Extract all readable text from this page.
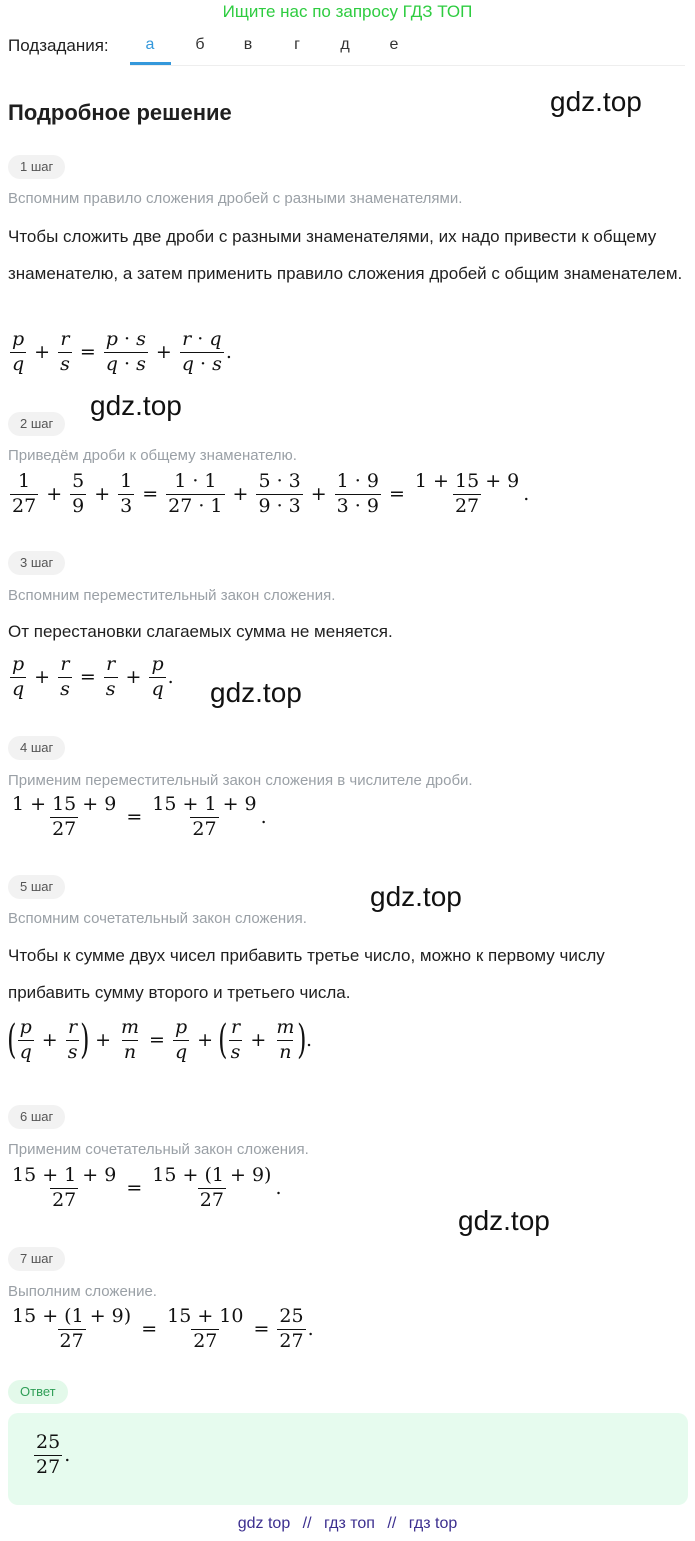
Ищите нас по запросу ГДЗ ТОП
Подзадания:	а	б	в	г	д	е
Подробное решение	gdz.top
gdz.top
gdz.top
gdz.top
gdz.top
1 шаг
Вспомним правило сложения дробей с разными знаменателями.
Чтобы сложить две дроби с разными знаменателями, их надо привести к общему знаменателю, а затем применить правило сложения дробей с общим знаменателем.
$\frac{p}{q} + \frac{r}{s} = \frac{p \cdot s}{q \cdot s} + \frac{r \cdot q}{q \cdot s}$ .
2 шаг
Приведём дроби к общему знаменателю.
$\frac{1}{27} + \frac{5}{9} + \frac{1}{3} = \frac{1 \cdot 1}{27 \cdot 1} + \frac{5 \cdot 3}{9 \cdot 3} + \frac{1 \cdot 9}{3 \cdot 9} = \frac{1 + 15 + 9}{27}$ .
3 шаг
Вспомним переместительный закон сложения.
От перестановки слагаемых сумма не меняется.
$\frac{p}{q} + \frac{r}{s} = \frac{r}{s} + \frac{p}{q}$ .
4 шаг
Применим переместительный закон сложения в числителе дроби.
$\frac{1 + 15 + 9}{27} = \frac{15 + 1 + 9}{27}$ .
5 шаг
Вспомним сочетательный закон сложения.
Чтобы к сумме двух чисел прибавить третье число, можно к первому числу прибавить сумму второго и третьего числа.
( $\frac{p}{q} + \frac{r}{s}$ ) + $\frac{m}{n} = \frac{p}{q}$ + ( $\frac{r}{s} + \frac{m}{n}$ ) .
6 шаг
Применим сочетательный закон сложения.
$\frac{15 + 1 + 9}{27} = \frac{15 + (1 + 9)}{27}$ .
7 шаг
Выполним сложение.
$\frac{15 + (1 + 9)}{27} = \frac{15 + 10}{27} = \frac{25}{27}$ .
Ответ
$\frac{25}{27}$ .
gdz top // гдз топ // гдз top
